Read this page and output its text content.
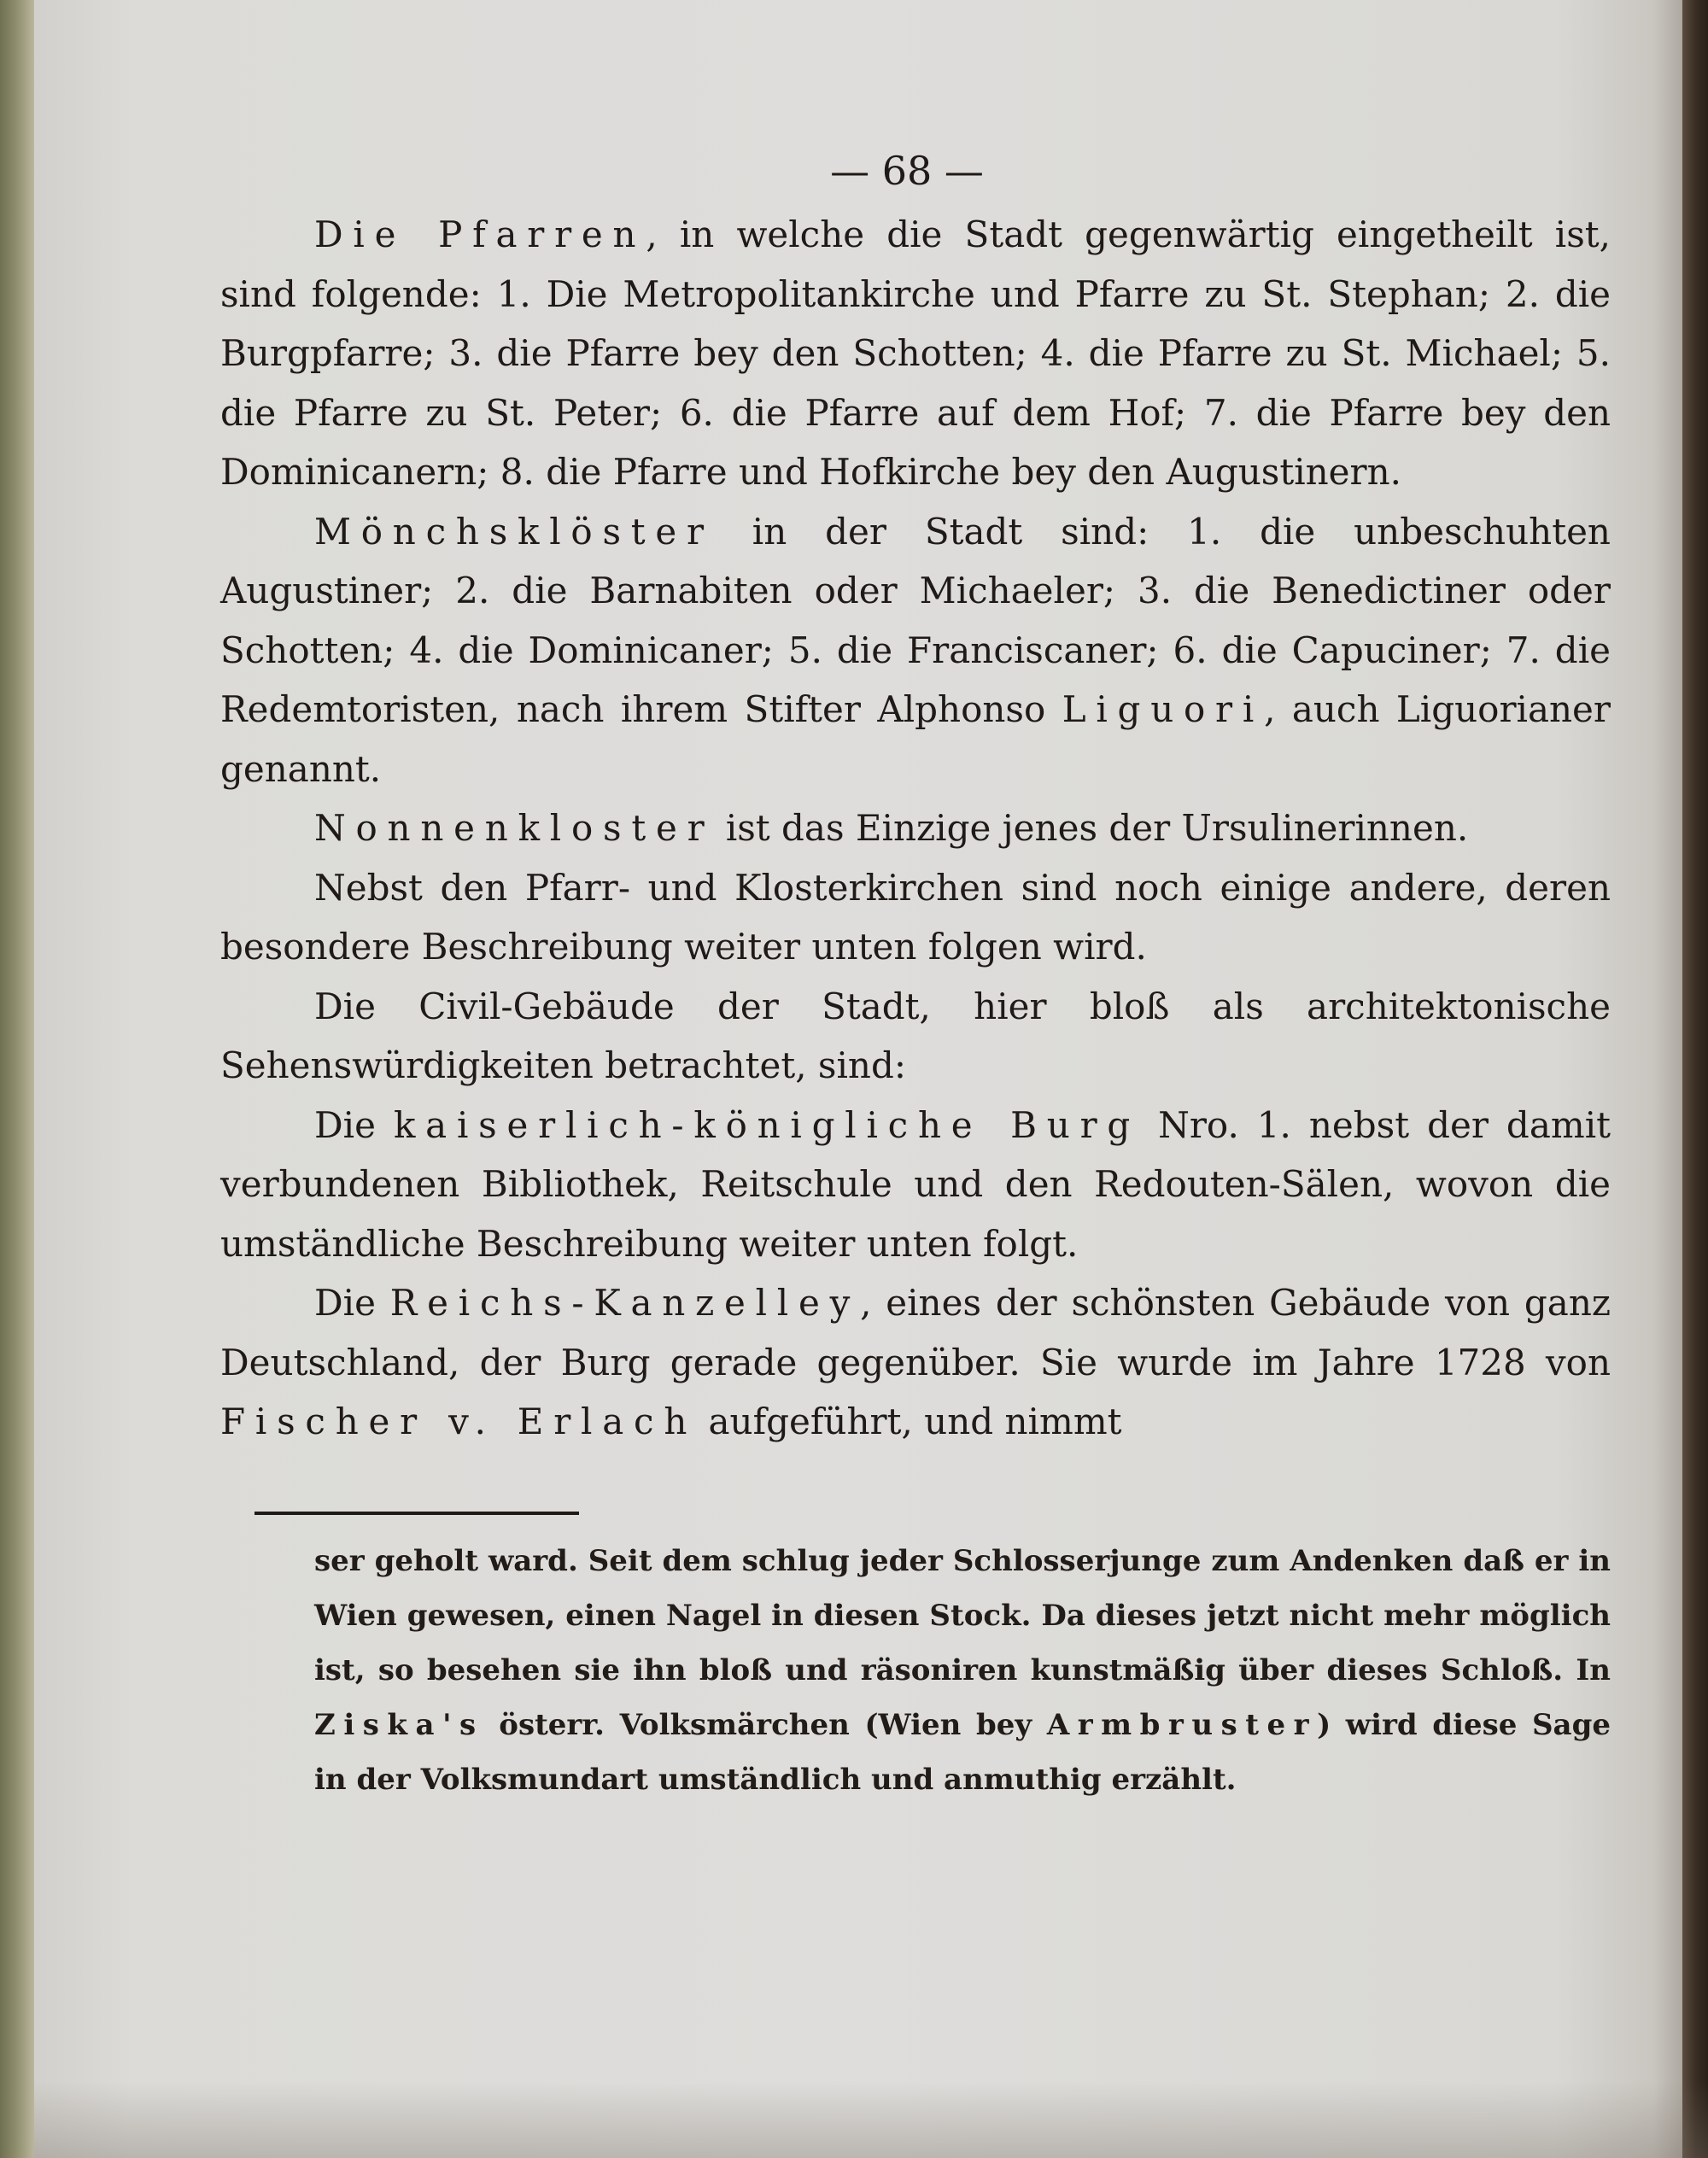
— 68 —

Die Pfarren, in welche die Stadt gegenwärtig eingetheilt ist, sind folgende: 1. Die Metropolitankirche und Pfarre zu St. Stephan; 2. die Burgpfarre; 3. die Pfarre bey den Schotten; 4. die Pfarre zu St. Michael; 5. die Pfarre zu St. Peter; 6. die Pfarre auf dem Hof; 7. die Pfarre bey den Dominicanern; 8. die Pfarre und Hofkirche bey den Augustinern.

Mönchsklöster in der Stadt sind: 1. die unbeschuhten Augustiner; 2. die Barnabiten oder Michaeler; 3. die Benedictiner oder Schotten; 4. die Dominicaner; 5. die Franciscaner; 6. die Capuciner; 7. die Redemtoristen, nach ihrem Stifter Alphonso Liguori, auch Liguorianer genannt.

Nonnenkloster ist das Einzige jenes der Ursulinerinnen.

Nebst den Pfarr- und Klosterkirchen sind noch einige andere, deren besondere Beschreibung weiter unten folgen wird.

Die Civil-Gebäude der Stadt, hier bloß als architektonische Sehenswürdigkeiten betrachtet, sind:

Die kaiserlich-königliche Burg Nro. 1. nebst der damit verbundenen Bibliothek, Reitschule und den Redouten-Sälen, wovon die umständliche Beschreibung weiter unten folgt.

Die Reichs-Kanzelley, eines der schönsten Gebäude von ganz Deutschland, der Burg gerade gegenüber. Sie wurde im Jahre 1728 von Fischer v. Erlach aufgeführt, und nimmt

ser geholt ward. Seit dem schlug jeder Schlosserjunge zum Andenken daß er in Wien gewesen, einen Nagel in diesen Stock. Da dieses jetzt nicht mehr möglich ist, so besehen sie ihn bloß und räsoniren kunstmäßig über dieses Schloß. In Ziska's österr. Volksmärchen (Wien bey Armbruster) wird diese Sage in der Volksmundart umständlich und anmuthig erzählt.
